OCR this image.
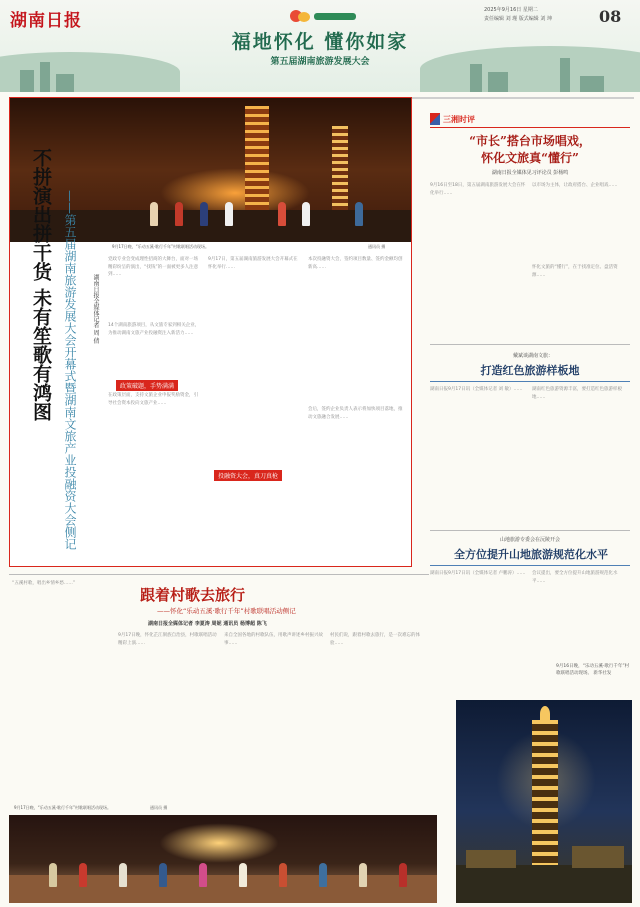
湖南日报
福地怀化 懂你如家
第五届湖南旅游发展大会
2025年9月16日 星期二
责任编辑 刘 瑾 版式编辑 刘 坤	08
9月17日晚，“乐动五溪·歌行千年”村歌联唱活动现场。	通讯员 摄
不拼演出拼干货 未有笙歌有鸿图 ——第五届湖南旅游发展大会开幕式暨湖南文旅产业投融资大会侧记	湖南日报全媒体记者 周 倩
党政专业会变成理性招商的大舞台，面对一场精彩纷呈的演出，“找钱”的一面被更多人注意到……
14个湖南旅游项目，从文旅专家到相关企业，为推动湖南文旅产业投融资注入新活力……
政策破题，手势满满
在政策层面，支持文旅企业申报奖励资金，引导社会资本投向文旅产业……
9月17日，第五届湖南旅游发展大会开幕式在怀化举行……
本次投融资大会，签约项目数量、签约金额均创新高……
投融资大会，真刀真枪
会后，签约企业负责人表示将加快项目落地，推动文旅融合发展……
三湘时评
“市长”搭台市场唱戏，
怀化文旅真“懂行”
湖南日报全媒体见习评论员 彭杨鸣
9月16日至18日，第五届湖南旅游发展大会在怀化举行……
以市场为主体，让政府搭台、企业唱戏……
怀化文旅的“懂行”，在于找准定位、盘活资源……
戴斌谈湖南文旅：
打造红色旅游样板地
湖南日报9月17日讯（全媒体记者 刘 敏）……	湖南红色旅游资源丰富，要打造红色旅游样板地……
山地旅游专委会在沅陵开会
全方位提升山地旅游规范化水平
湖南日报9月17日讯（全媒体记者 卢鹏涛）…… 会议提出，要全方位提升山地旅游规范化水平……
9月16日晚，“乐动五溪·歌行千年”村歌联唱活动现场。 新华社发
跟着村歌去旅行
——怀化“乐动五溪·歌行千年”村歌联唱活动侧记
湖南日报全媒体记者 李夏涛 周妮 通讯员 杨博超 陈飞
“五溪村歌，唱出乡情乡愁……”
9月17日晚，怀化芷江侗族自治县，村歌联唱活动精彩上演……
来自全国各地的村歌队伍，用歌声讲述乡村振兴故事……
村民们说，跟着村歌去旅行，是一次难忘的体验……
9月17日晚，“乐动五溪·歌行千年”村歌联唱活动现场。	通讯员 摄
